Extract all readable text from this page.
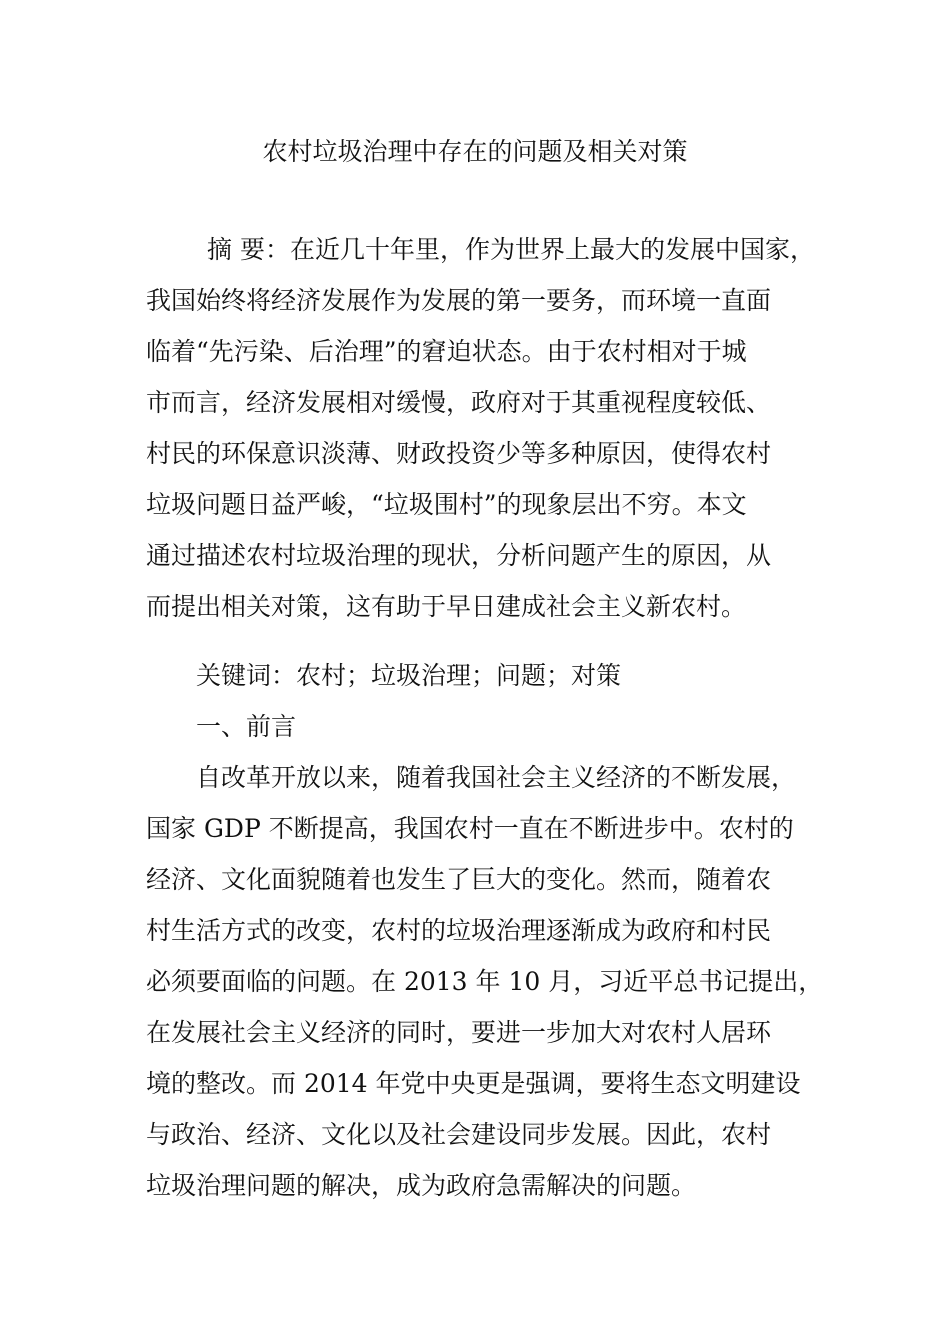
农村垃圾治理中存在的问题及相关对策
摘 要：在近几十年里，作为世界上最大的发展中国家，
我国始终将经济发展作为发展的第一要务，而环境一直面
临着“先污染、后治理”的窘迫状态。由于农村相对于城
市而言，经济发展相对缓慢，政府对于其重视程度较低、
村民的环保意识淡薄、财政投资少等多种原因，使得农村
垃圾问题日益严峻，“垃圾围村”的现象层出不穷。本文
通过描述农村垃圾治理的现状，分析问题产生的原因，从
而提出相关对策，这有助于早日建成社会主义新农村。
关键词：农村；垃圾治理；问题；对策
一、前言
自改革开放以来，随着我国社会主义经济的不断发展，
国家 GDP 不断提高，我国农村一直在不断进步中。农村的
经济、文化面貌随着也发生了巨大的变化。然而，随着农
村生活方式的改变，农村的垃圾治理逐渐成为政府和村民
必须要面临的问题。在 2013 年 10 月，习近平总书记提出，
在发展社会主义经济的同时，要进一步加大对农村人居环
境的整改。而 2014 年党中央更是强调，要将生态文明建设
与政治、经济、文化以及社会建设同步发展。因此，农村
垃圾治理问题的解决，成为政府急需解决的问题。
